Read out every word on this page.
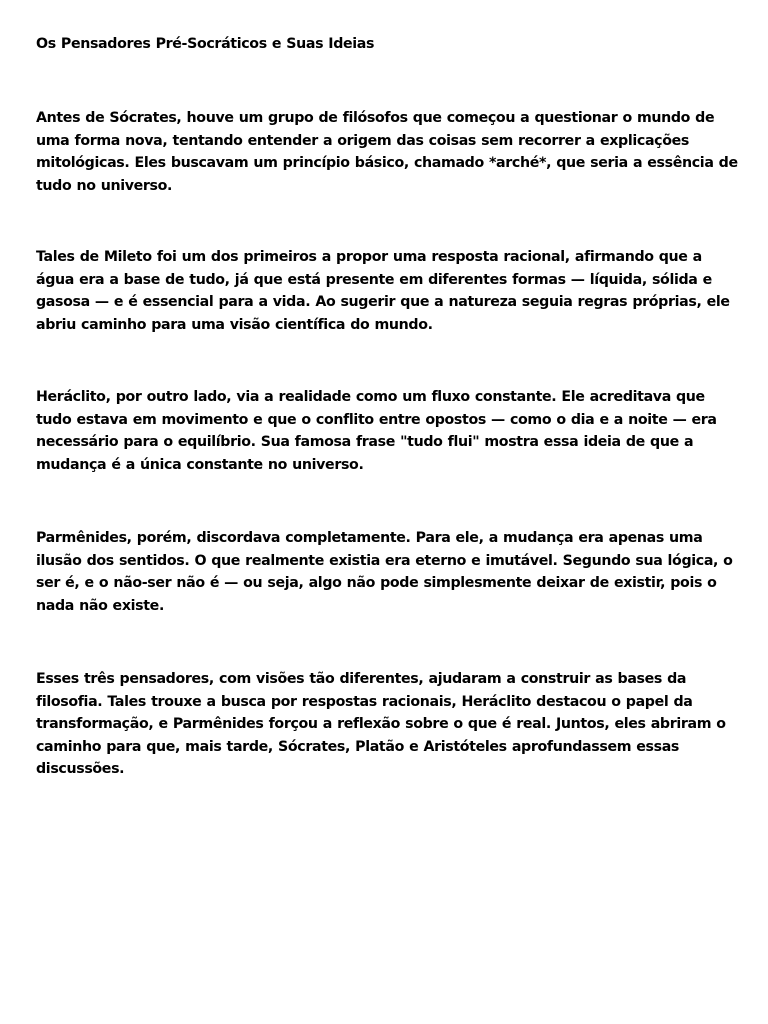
Os Pensadores Pré-Socráticos e Suas Ideias

Antes de Sócrates, houve um grupo de filósofos que começou a questionar o mundo de
uma forma nova, tentando entender a origem das coisas sem recorrer a explicações
mitológicas. Eles buscavam um princípio básico, chamado *arché*, que seria a essência de
tudo no universo.

Tales de Mileto foi um dos primeiros a propor uma resposta racional, afirmando que a
água era a base de tudo, já que está presente em diferentes formas — líquida, sólida e
gasosa — e é essencial para a vida. Ao sugerir que a natureza seguia regras próprias, ele
abriu caminho para uma visão científica do mundo.

Heráclito, por outro lado, via a realidade como um fluxo constante. Ele acreditava que
tudo estava em movimento e que o conflito entre opostos — como o dia e a noite — era
necessário para o equilíbrio. Sua famosa frase "tudo flui" mostra essa ideia de que a
mudança é a única constante no universo.

Parmênides, porém, discordava completamente. Para ele, a mudança era apenas uma
ilusão dos sentidos. O que realmente existia era eterno e imutável. Segundo sua lógica, o
ser é, e o não-ser não é — ou seja, algo não pode simplesmente deixar de existir, pois o
nada não existe.

Esses três pensadores, com visões tão diferentes, ajudaram a construir as bases da
filosofia. Tales trouxe a busca por respostas racionais, Heráclito destacou o papel da
transformação, e Parmênides forçou a reflexão sobre o que é real. Juntos, eles abriram o
caminho para que, mais tarde, Sócrates, Platão e Aristóteles aprofundassem essas
discussões.
